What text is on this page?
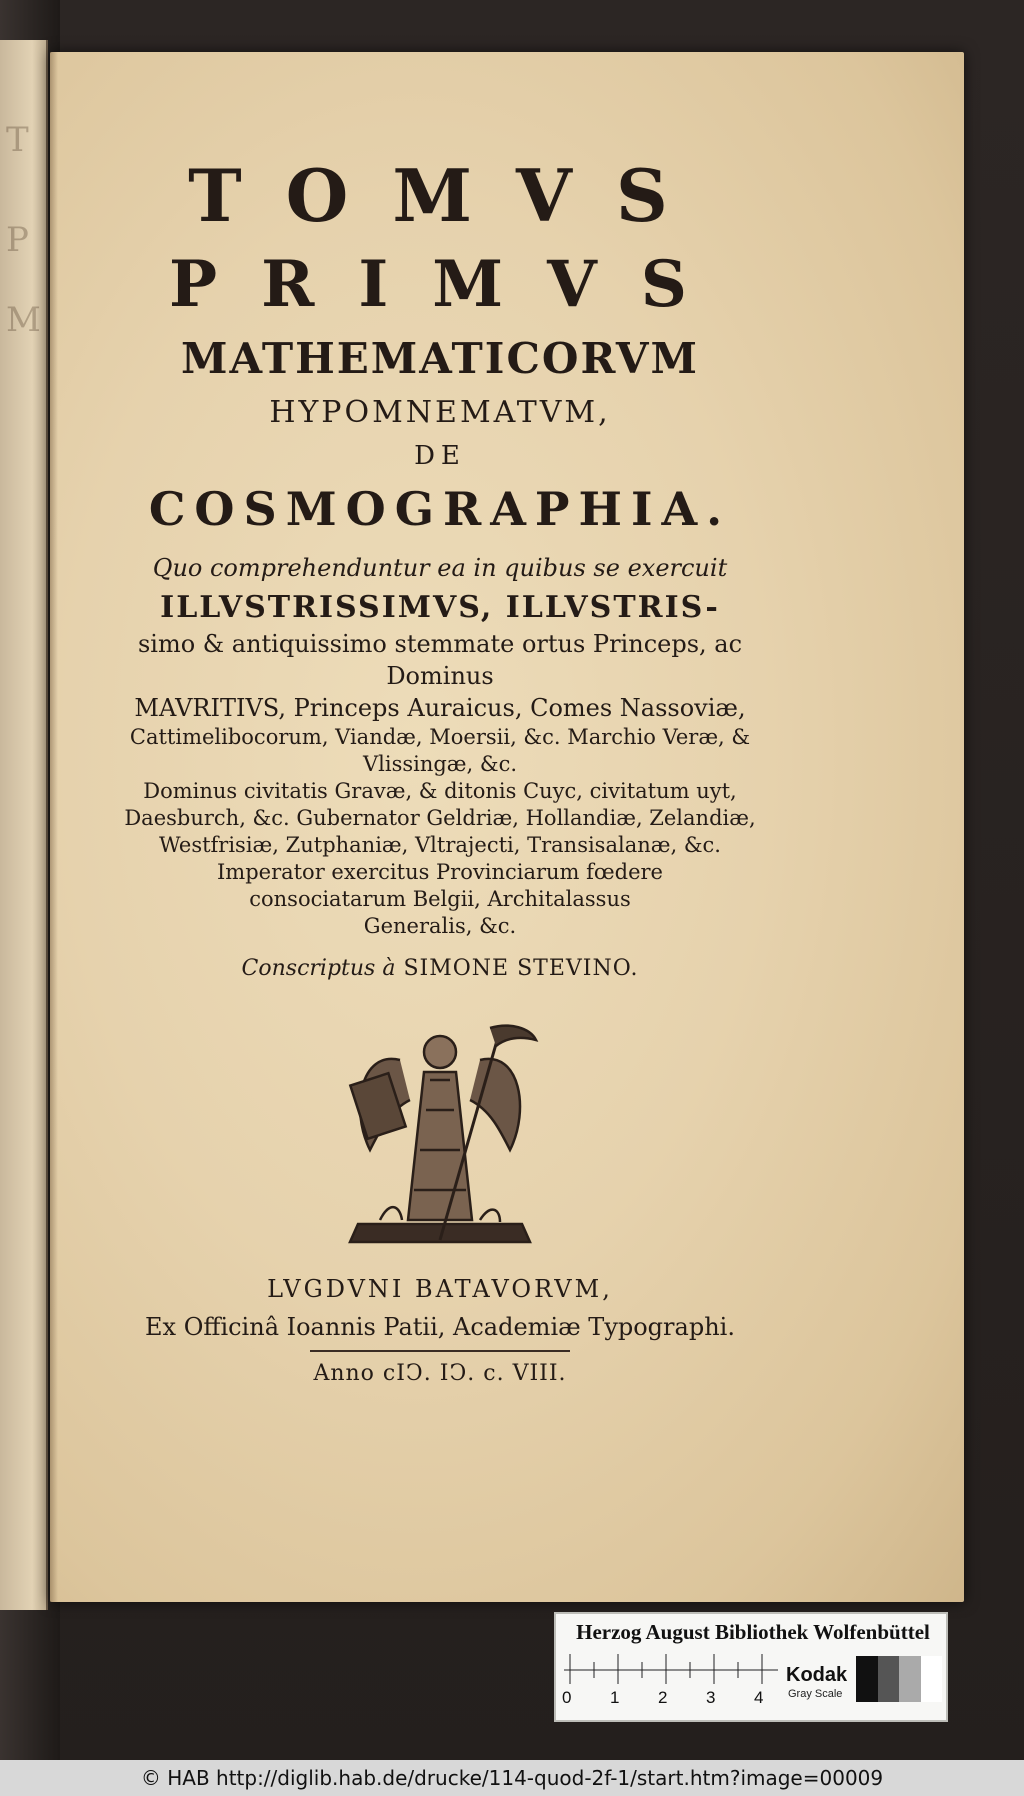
T
P
M
TOMVS
PRIMVS
MATHEMATICORVM
HYPOMNEMATVM,
DE
COSMOGRAPHIA.
Quo comprehenduntur ea in quibus se exercuit
ILLVSTRISSIMVS, ILLVSTRIS-
simo & antiquissimo stemmate ortus Princeps, ac Dominus
MAVRITIVS, Princeps Auraicus, Comes Nassoviæ,
Cattimelibocorum, Viandæ, Moersii, &c. Marchio Veræ, & Vlissingæ, &c.
Dominus civitatis Gravæ, & ditonis Cuyc, civitatum uyt,
Daesburch, &c. Gubernator Geldriæ, Hollandiæ, Zelandiæ,
Westfrisiæ, Zutphaniæ, Vltrajecti, Transisalanæ, &c.
Imperator exercitus Provinciarum fœdere
consociatarum Belgii, Architalassus
Generalis, &c.
Conscriptus à SIMONE STEVINO.
LVGDVNI BATAVORVM,
Ex Officinâ Ioannis Patii, Academiæ Typographi.
Anno cIↃ. IↃ. c. VIII.
Herzog August Bibliothek Wolfenbüttel
0 1 2 3 4
Kodak
Gray Scale
© HAB http://diglib.hab.de/drucke/114-quod-2f-1/start.htm?image=00009
